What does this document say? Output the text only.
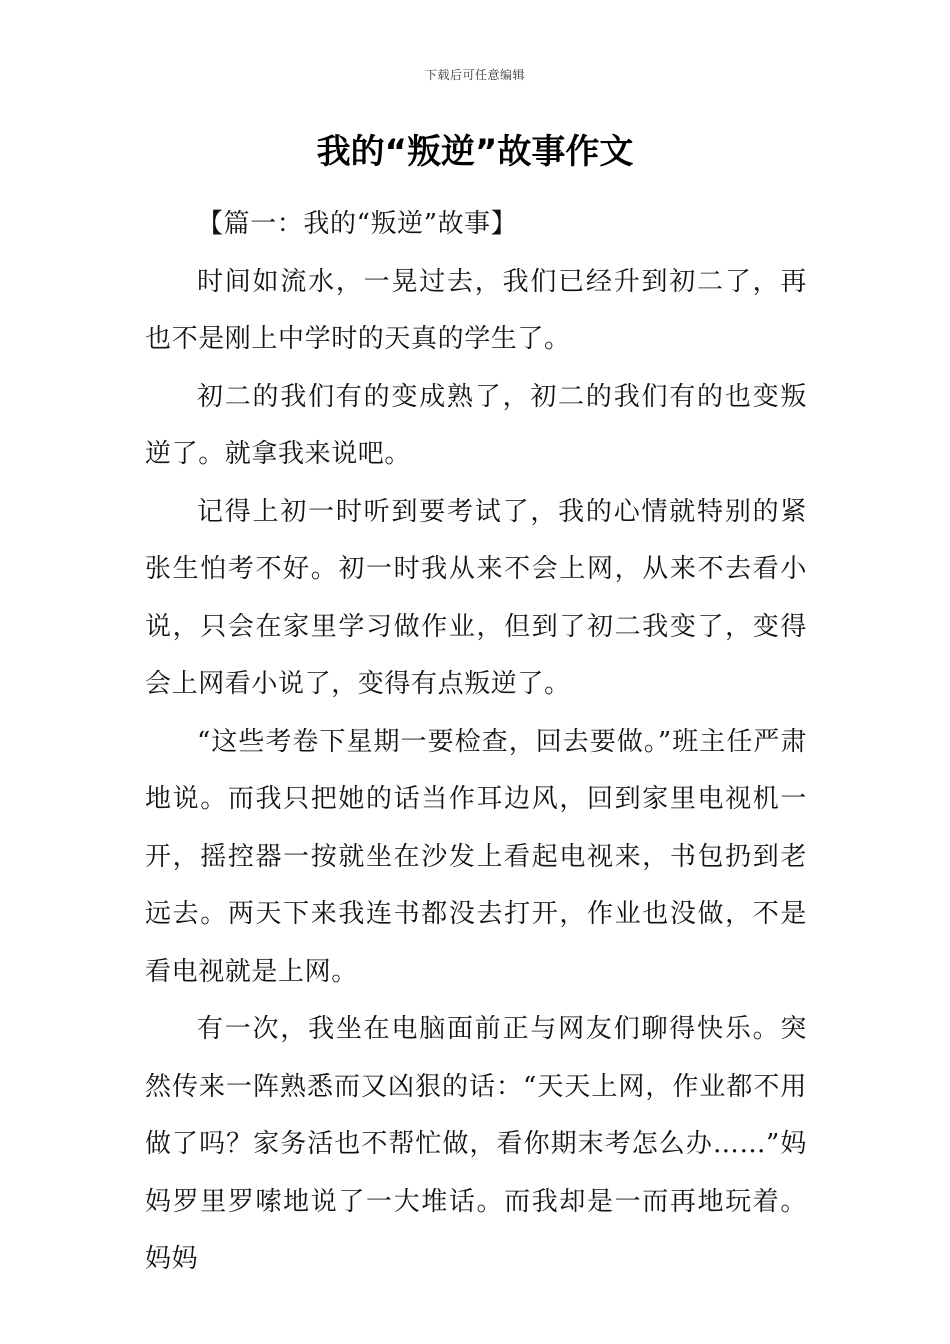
下载后可任意编辑
我的“叛逆”故事作文

【篇一：我的“叛逆”故事】

时间如流水，一晃过去，我们已经升到初二了，再也不是刚上中学时的天真的学生了。

初二的我们有的变成熟了，初二的我们有的也变叛逆了。就拿我来说吧。

记得上初一时听到要考试了，我的心情就特别的紧张生怕考不好。初一时我从来不会上网，从来不去看小说，只会在家里学习做作业，但到了初二我变了，变得会上网看小说了，变得有点叛逆了。

“这些考卷下星期一要检查，回去要做。”班主任严肃地说。而我只把她的话当作耳边风，回到家里电视机一开，摇控器一按就坐在沙发上看起电视来，书包扔到老远去。两天下来我连书都没去打开，作业也没做，不是看电视就是上网。

有一次，我坐在电脑面前正与网友们聊得快乐。突然传来一阵熟悉而又凶狠的话：“天天上网，作业都不用做了吗？家务活也不帮忙做，看你期末考怎么办……”妈妈罗里罗嗦地说了一大堆话。而我却是一而再地玩着。妈妈
